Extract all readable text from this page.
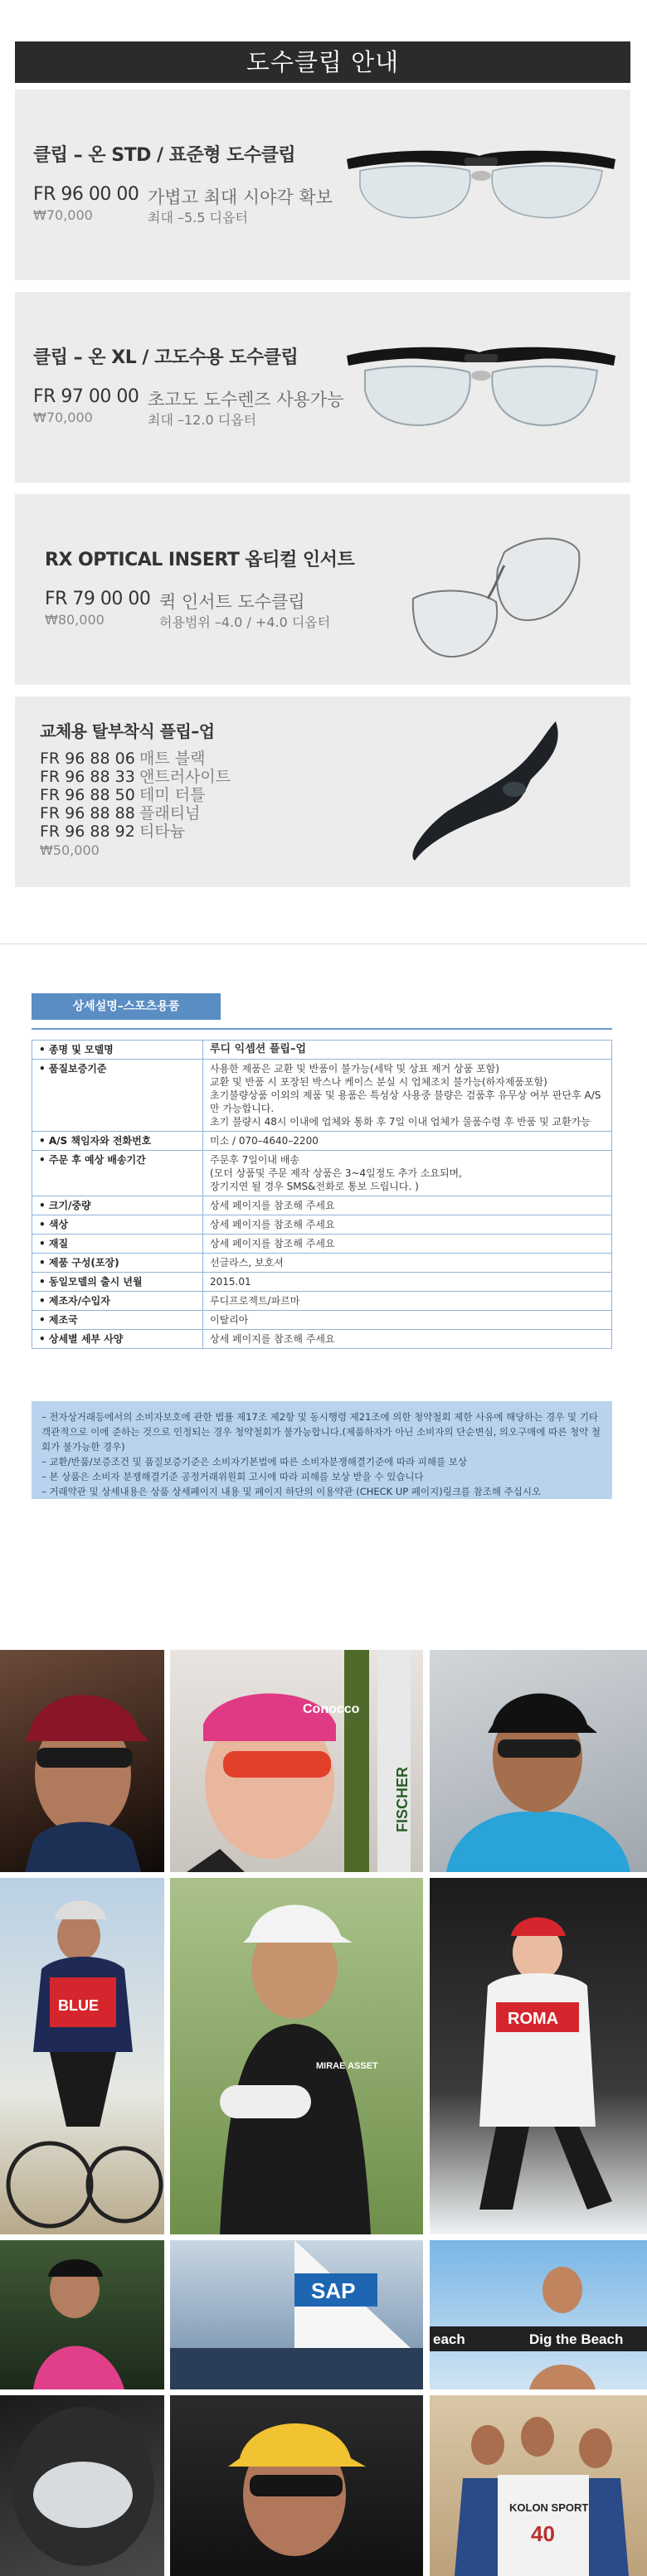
도수클립 안내
클립 – 온 STD / 표준형 도수클립
FR 96 00 00 가볍고 최대 시야각 확보
₩70,000	최대 –5.5 디옵터
클립 – 온 XL / 고도수용 도수클립
FR 97 00 00 초고도 도수렌즈 사용가능
₩70,000	최대 –12.0 디옵터
RX OPTICAL INSERT 옵티컬 인서트
FR 79 00 00 퀵 인서트 도수클립
₩80,000	허용범위 –4.0 / +4.0 디옵터
교체용 탈부착식 플립–업
FR 96 88 06 매트 블랙
FR 96 88 33 앤트러사이트
FR 96 88 50 테미 터틀
FR 96 88 88 플래티넘
FR 96 88 92 티타늄
₩50,000
상세설명–스포츠용품
• 종명 및 모델명	루디 익셉션 플립–업
• 품질보증기준	사용한 제품은 교환 및 반품이 불가능(세탁 및 상표 제거 상품 포함)
교환 및 반품 시 포장된 박스나 케이스 분실 시 업체조치 불가능(하자제품포함)
초기불량상품 이외의 제품 및 용품은 특성상 사용중 불량은 검품후 유무상 여부 판단후 A/S만 가능합니다.
초기 불량시 48시 이내에 업체와 통화 후 7일 이내 업체가 물품수령 후 반품 및 교환가능
• A/S 책임자와 전화번호	미소 / 070–4640–2200
• 주문 후 예상 배송기간	주문후 7일이내 배송
(모더 상품및 주문 제작 상품은 3~4일정도 추가 소요되며,
장기지연 될 경우 SMS&전화로 통보 드립니다. )
• 크기/중량	상세 페이지를 참조해 주세요
• 색상	상세 페이지를 참조해 주세요
• 재질	상세 페이지를 참조해 주세요
• 제품 구성(포장)	선글라스, 보호셔
• 동일모델의 출시 년월	2015.01
• 제조자/수입자	루디프로젝트/파르마
• 제조국	이탈리아
• 상세별 세부 사양	상세 페이지를 참조해 주세요
– 전자상거래등에서의 소비자보호에 관한 법률 제17조 제2항 및 동시행령 제21조에 의한 청약철회 제한 사유에 해당하는 경우 및 기타 객관적으로 이에 준하는 것으로 인정되는 경우 청약철회가 불가능합니다.(제품하자가 아닌 소비자의 단순변심, 의오구매에 따른 청약 철회가 불가능한 경우)
– 교환/반품/보증조건 및 품질보증기준은 소비자기본법에 따른 소비자분쟁해결기준에 따라 피해를 보상
– 본 상품은 소비자 분쟁해결기준 공정거래위원회 고시에 따라 피해를 보상 받을 수 있습니다
– 거래약관 및 상세내용은 상품 상세페이지 내용 및 페이지 하단의 이용약관 (CHECK UP 페이지)링크를 참조해 주십시오
Conocco
FISCHER
BLUE
MIRAE ASSET
ROMA
SAP
each	Dig the Beach
KOLON SPORT
40
